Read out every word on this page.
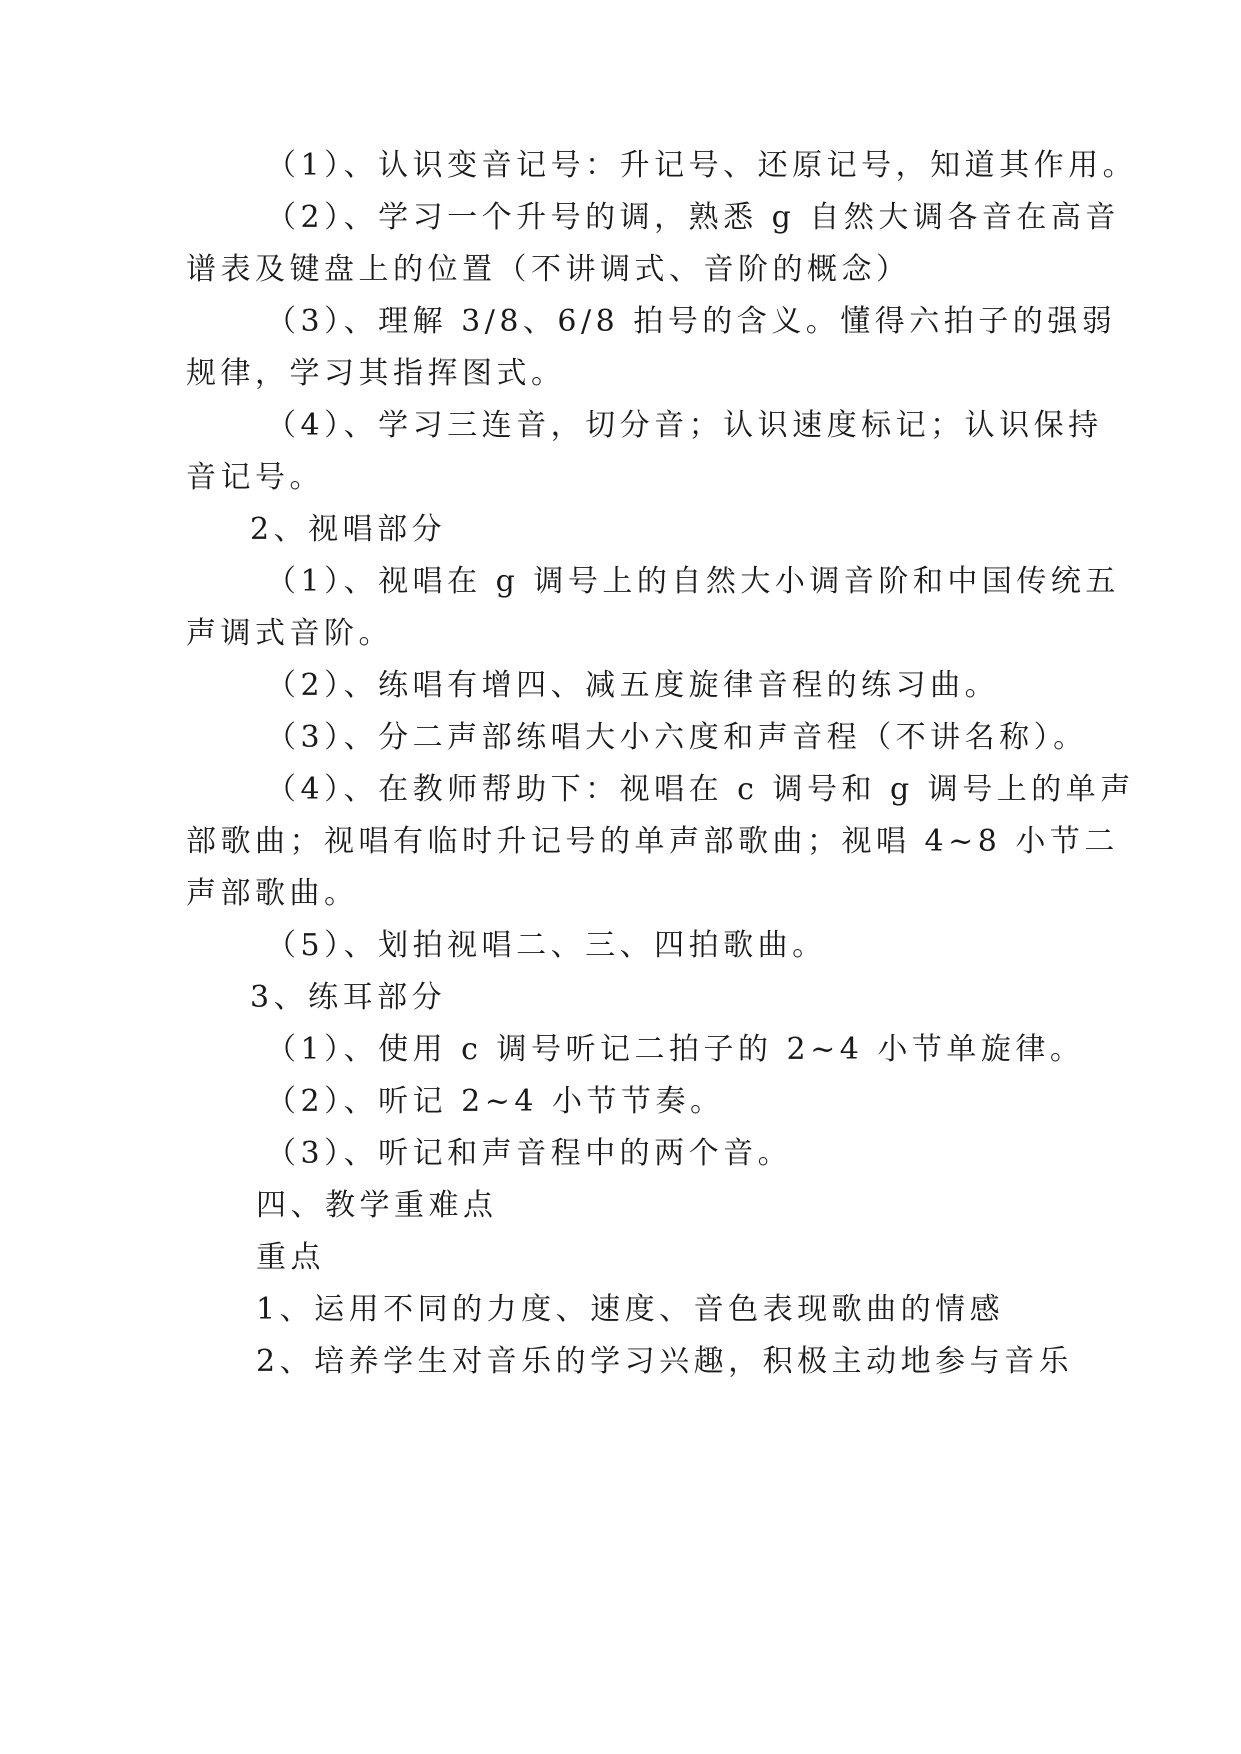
（1）、认识变音记号：升记号、还原记号，知道其作用。
（2）、学习一个升号的调，熟悉 g 自然大调各音在高音
谱表及键盘上的位置（不讲调式、音阶的概念）
（3）、理解 3/8、6/8 拍号的含义。懂得六拍子的强弱
规律，学习其指挥图式。
（4）、学习三连音，切分音；认识速度标记；认识保持
音记号。
2、视唱部分
（1）、视唱在 g 调号上的自然大小调音阶和中国传统五
声调式音阶。
（2）、练唱有增四、减五度旋律音程的练习曲。
（3）、分二声部练唱大小六度和声音程（不讲名称）。
（4）、在教师帮助下：视唱在 c 调号和 g 调号上的单声
部歌曲；视唱有临时升记号的单声部歌曲；视唱 4~8 小节二
声部歌曲。
（5）、划拍视唱二、三、四拍歌曲。
3、练耳部分
（1）、使用 c 调号听记二拍子的 2~4 小节单旋律。
（2）、听记 2~4 小节节奏。
（3）、听记和声音程中的两个音。
四、教学重难点
重点
1、运用不同的力度、速度、音色表现歌曲的情感
2、培养学生对音乐的学习兴趣，积极主动地参与音乐
